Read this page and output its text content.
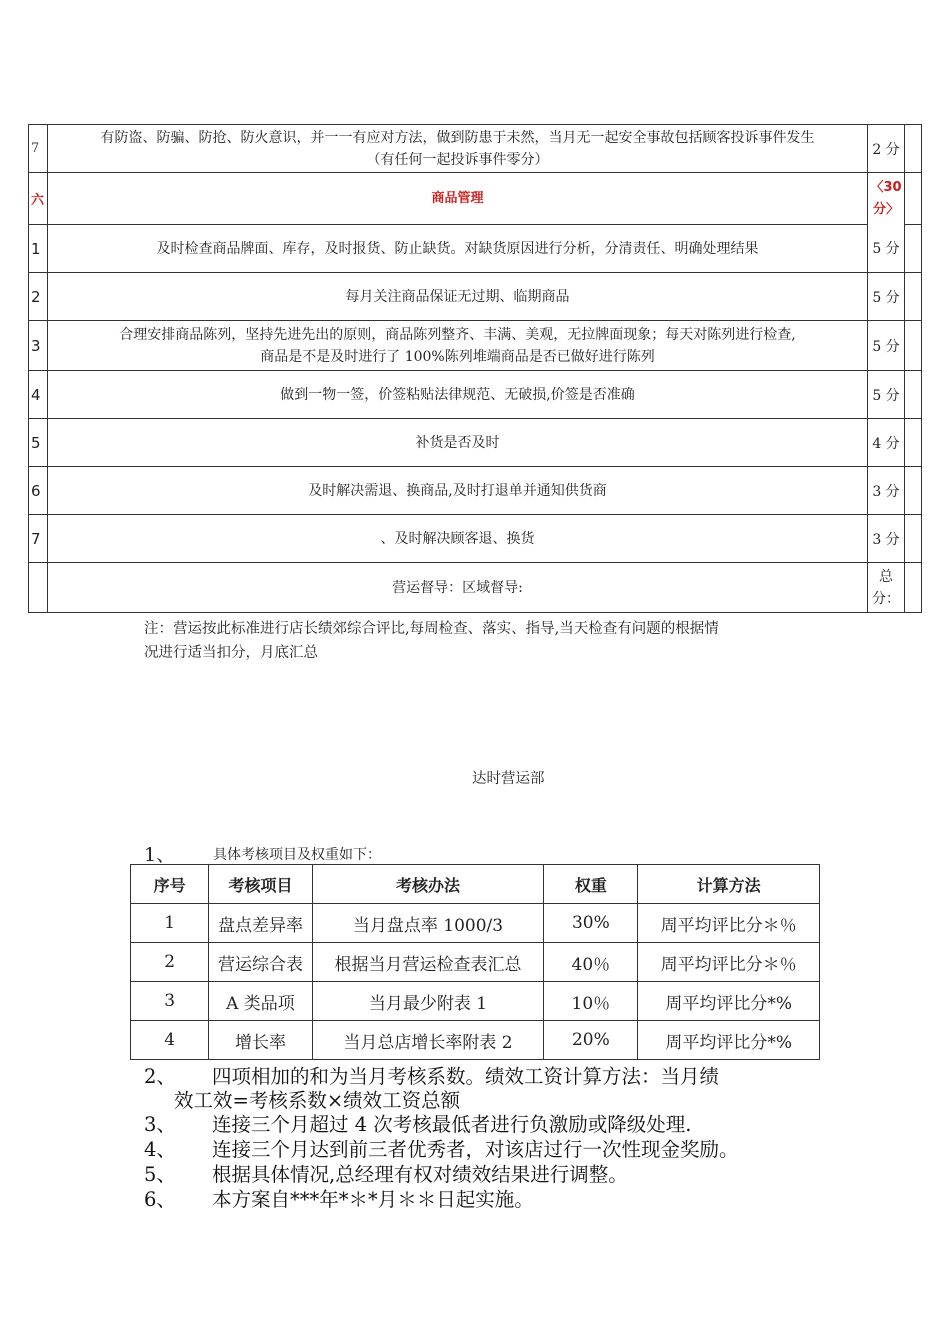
7	有防盗、防骗、防抢、防火意识，并一一有应对方法，做到防患于未然，当月无一起安全事故包括顾客投诉事件发生
（有任何一起投诉事件零分）	2 分	
六	商品管理	〈30
分〉	

1	及时检查商品牌面、库存，及时报货、防止缺货。对缺货原因进行分析，分清责任、明确处理结果	5 分	
2	每月关注商品保证无过期、临期商品	5 分	
3	合理安排商品陈列，坚持先进先出的原则，商品陈列整齐、丰满、美观，无拉牌面现象；每天对陈列进行检查,
商品是不是及时进行了 100%陈列堆端商品是否已做好进行陈列	5 分	
4	做到一物一签，价签粘贴法律规范、无破损,价签是否准确	5 分	
5	补货是否及时	4 分	
6	及时解决需退、换商品,及时打退单并通知供货商	3 分	
7	、及时解决顾客退、换货	3 分	
	营运督导：区域督导:	总
分：	

注：营运按此标准进行店长绩郊综合评比,每周检查、落实、指导,当天检查有问题的根据情
况进行适当扣分，月底汇总
达时营运部
1、	具体考核项目及权重如下：
序号	考核项目	考核办法	权重	计算方法
1	盘点差异率	当月盘点率 1000/3	30%	周平均评比分＊％
2	营运综合表	根据当月营运检查表汇总	40％	周平均评比分＊％
3	A 类品项	当月最少附表 1	10％	周平均评比分*%
4	增长率	当月总店增长率附表 2	20%	周平均评比分*%
2、 四项相加的和为当月考核系数。绩效工资计算方法：当月绩
效工效=考核系数×绩效工资总额
3、 连接三个月超过 4 次考核最低者进行负激励或降级处理.
4、 连接三个月达到前三者优秀者，对该店过行一次性现金奖励。
5、 根据具体情况,总经理有权对绩效结果进行调整。
6、 本方案自***年*＊*月＊＊日起实施。
